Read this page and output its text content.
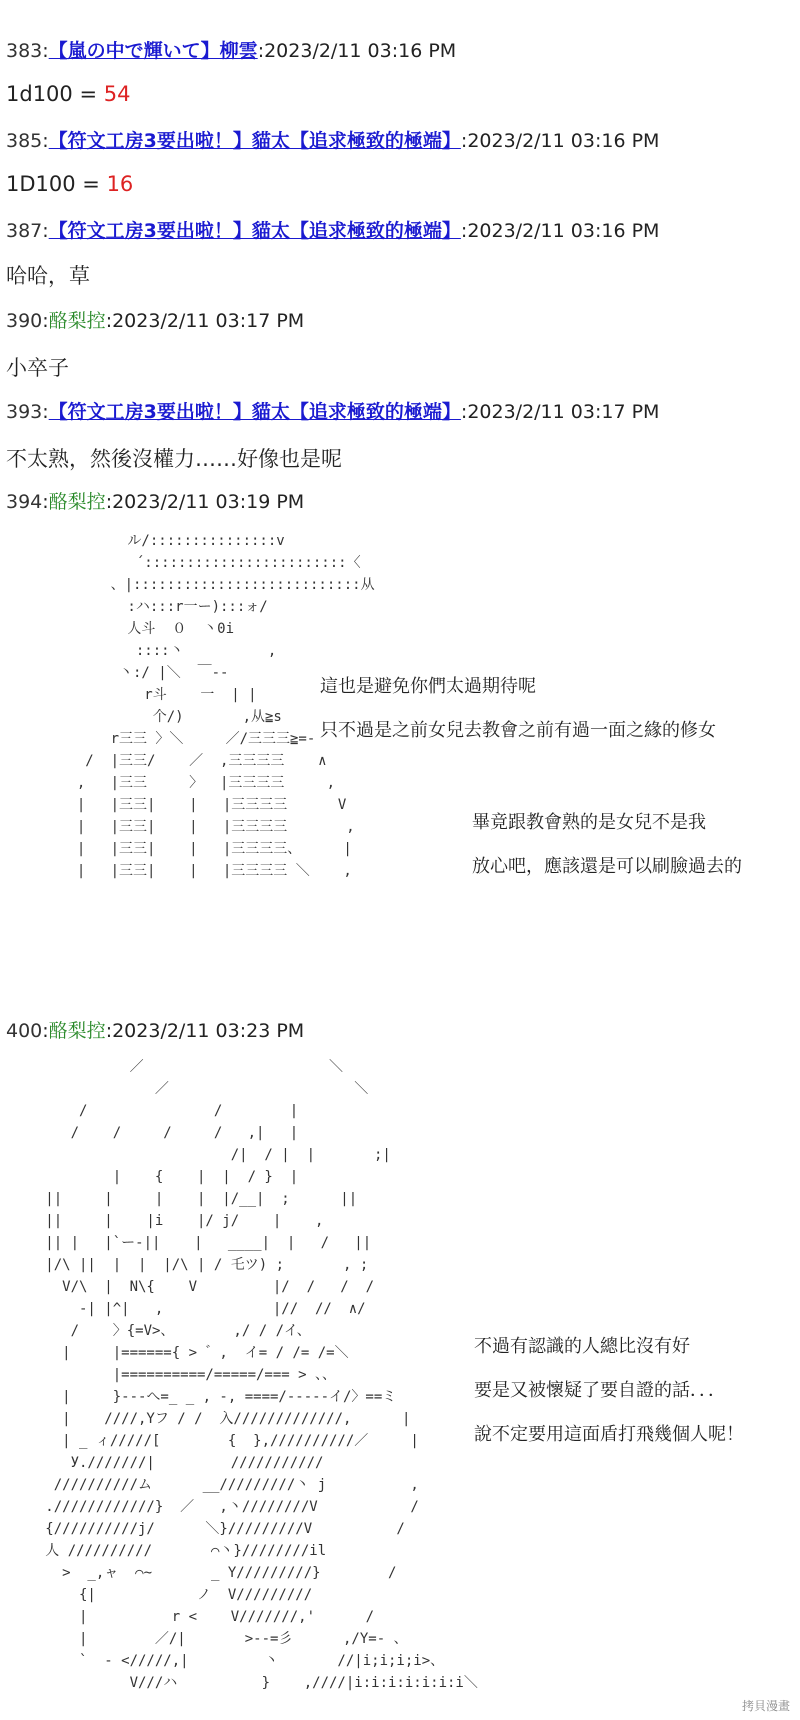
383:【嵐の中で輝いて】柳雲:2023/2/11 03:16 PM
1d100 = 54
385:【符文工房3要出啦！】貓太【追求極致的極端】:2023/2/11 03:16 PM
1D100 = 16
387:【符文工房3要出啦！】貓太【追求極致的極端】:2023/2/11 03:16 PM
哈哈，草
390:酪梨控:2023/2/11 03:17 PM
小卒子
393:【符文工房3要出啦！】貓太【追求極致的極端】:2023/2/11 03:17 PM
不太熟，然後沒權力……好像也是呢
394:酪梨控:2023/2/11 03:19 PM
ル/:::::::::::::::v
´::::::::::::::::::::::::〈
、|:::::::::::::::::::::::::::从
:ハ:::r一ー):::ォ/
人斗  ０  丶0i
::::丶          ,
丶:/ |＼  ￣--
r斗    一  | |
个/)       ,从≧s
r三三 〉＼     ／/三三三≧=-
/  |三三/    ／  ,三三三三    ∧
,   |三三     〉  |三三三三     ,
|   |三三|    |   |三三三三      V
|   |三三|    |   |三三三三       ,
|   |三三|    |   |三三三三、     |
|   |三三|    |   |三三三三 ＼    ,
這也是避免你們太過期待呢
只不過是之前女兒去教會之前有過一面之緣的修女
畢竟跟教會熟的是女兒不是我
放心吧，應該還是可以刷臉過去的
400:酪梨控:2023/2/11 03:23 PM
／                      ＼
／                      ＼
/               /        |
/    /     /     /   ,|   |
/|  / |  |       ;|
|    {    |  |  / }  |
||     |     |    |  |/__|  ;      ||
||     |    |i    |/ j/    |    ,
|| |   |`ー-||    |   ____|  |   /   ||
|/\ ||  |  |  |/\ | / 乇ツ) ;       , ;
V/\  |  N\{    V         |/  /   /  /
-| |^|   ,             |//  //  ∧/
/    〉{=V>、       ,/ / /イ、
|     |======{ > ゛,  イ= / /= /=＼
|==========/=====/=== > 、、
|     }---へ=_ _ , -, ====/-----イ/〉==ミ
|    ////,Yフ / /  入/////////////,      |
| _ ィ/////[        {  },//////////／     |
У.///////|         ///////////
//////////ム      __/////////丶 j          ,
.////////////}  ／   ,丶////////V           /
{//////////j/      ＼}/////////V          /
人 //////////       ⌒丶}////////il
>  _,ャ  ⌒~       _ Y/////////}        /
{|            ノ  V/////////
|          r <    V///////,'      /
|        ／/|       >--=彡      ,/Y=- 、
`  - </////,|         丶       //|i;i;i;i>、
V///ハ          }    ,////|i:i:i:i:i:i:i＼
不過有認識的人總比沒有好
要是又被懷疑了要自證的話．．．
說不定要用這面盾打飛幾個人呢！
拷貝漫畫
